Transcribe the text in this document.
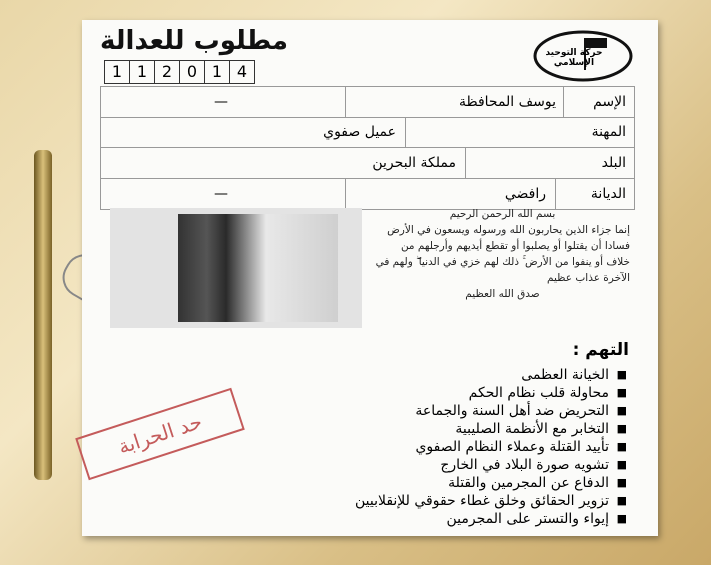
مطلوب للعدالة	حركة التوحيد الإسلامي
1 1 2 0 1 4
الإسم
يوسف المحافظة
—
المهنة
عميل صفوي
البلد
مملكة البحرين
الديانة
رافضي
—
بسم الله الرحمن الرحيم
إنما جزاء الذين يحاربون الله ورسوله ويسعون في الأرض فسادا أن يقتلوا أو يصلبوا أو تقطع أيديهم وأرجلهم من خلاف أو ينفوا من الأرض ۚ ذلك لهم خزي في الدنيا ۖ ولهم في الآخرة عذاب عظيم
صدق الله العظيم
التهم :
■ الخيانة العظمى
■ محاولة قلب نظام الحكم
■ التحريض ضد أهل السنة والجماعة
■ التخابر مع الأنظمة الصليبية
■ تأييد القتلة وعملاء النظام الصفوي
■ تشويه صورة البلاد في الخارج
■ الدفاع عن المجرمين والقتلة
■ تزوير الحقائق وخلق غطاء حقوقي للإنقلابيين
■ إيواء والتستر على المجرمين
حد الحرابة
